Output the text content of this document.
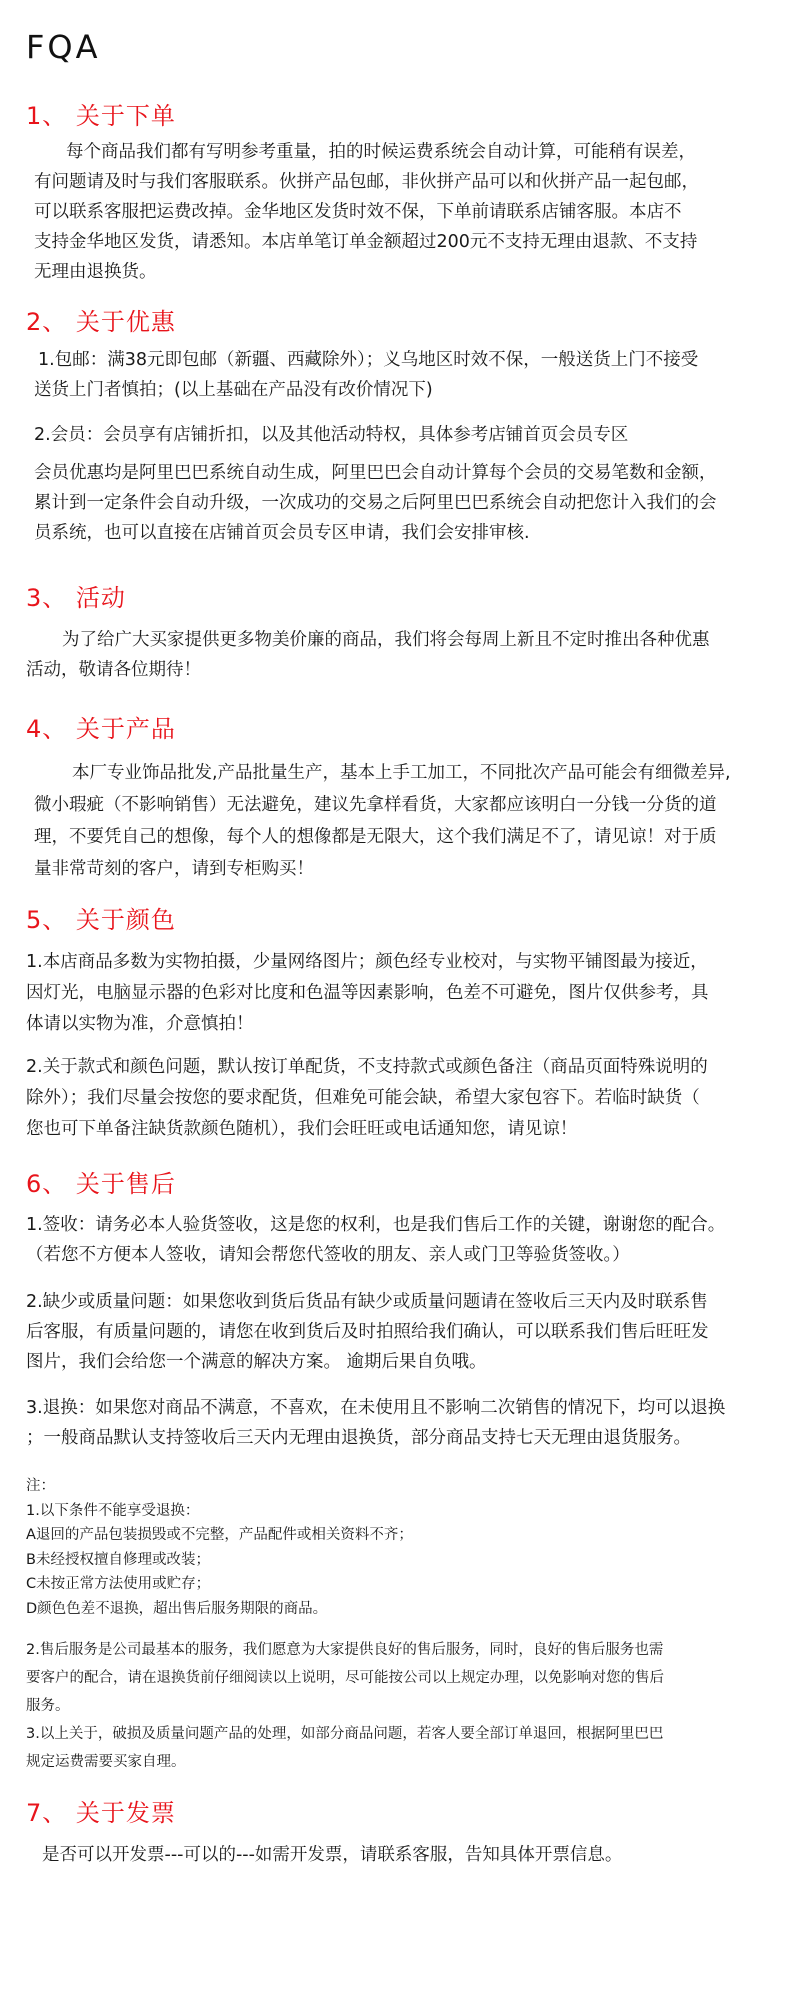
FQA
1、 关于下单
每个商品我们都有写明参考重量，拍的时候运费系统会自动计算，可能稍有误差，
有问题请及时与我们客服联系。伙拼产品包邮，非伙拼产品可以和伙拼产品一起包邮，
可以联系客服把运费改掉。金华地区发货时效不保，下单前请联系店铺客服。本店不
支持金华地区发货，请悉知。本店单笔订单金额超过200元不支持无理由退款、不支持
无理由退换货。
2、 关于优惠
1.包邮：满38元即包邮（新疆、西藏除外）；义乌地区时效不保，一般送货上门不接受
送货上门者慎拍；(以上基础在产品没有改价情况下)
2.会员：会员享有店铺折扣，以及其他活动特权，具体参考店铺首页会员专区
会员优惠均是阿里巴巴系统自动生成，阿里巴巴会自动计算每个会员的交易笔数和金额，
累计到一定条件会自动升级，一次成功的交易之后阿里巴巴系统会自动把您计入我们的会
员系统，也可以直接在店铺首页会员专区申请，我们会安排审核.
3、 活动
为了给广大买家提供更多物美价廉的商品，我们将会每周上新且不定时推出各种优惠
活动，敬请各位期待！
4、 关于产品
本厂专业饰品批发,产品批量生产，基本上手工加工，不同批次产品可能会有细微差异,
微小瑕疵（不影响销售）无法避免，建议先拿样看货，大家都应该明白一分钱一分货的道
理，不要凭自己的想像，每个人的想像都是无限大，这个我们满足不了，请见谅！对于质
量非常苛刻的客户，请到专柜购买！
5、 关于颜色
1.本店商品多数为实物拍摄，少量网络图片；颜色经专业校对，与实物平铺图最为接近，
因灯光，电脑显示器的色彩对比度和色温等因素影响，色差不可避免，图片仅供参考，具
体请以实物为准，介意慎拍！
2.关于款式和颜色问题，默认按订单配货，不支持款式或颜色备注（商品页面特殊说明的
除外）；我们尽量会按您的要求配货，但难免可能会缺，希望大家包容下。若临时缺货（
您也可下单备注缺货款颜色随机），我们会旺旺或电话通知您，请见谅！
6、 关于售后
1.签收：请务必本人验货签收，这是您的权利，也是我们售后工作的关键，谢谢您的配合。
（若您不方便本人签收，请知会帮您代签收的朋友、亲人或门卫等验货签收。）
2.缺少或质量问题：如果您收到货后货品有缺少或质量问题请在签收后三天内及时联系售
后客服，有质量问题的，请您在收到货后及时拍照给我们确认，可以联系我们售后旺旺发
图片，我们会给您一个满意的解决方案。 逾期后果自负哦。
3.退换：如果您对商品不满意，不喜欢，在未使用且不影响二次销售的情况下，均可以退换
；一般商品默认支持签收后三天内无理由退换货，部分商品支持七天无理由退货服务。
注：
1.以下条件不能享受退换：
A退回的产品包装损毁或不完整，产品配件或相关资料不齐；
B未经授权擅自修理或改装；
C未按正常方法使用或贮存；
D颜色色差不退换，超出售后服务期限的商品。
2.售后服务是公司最基本的服务，我们愿意为大家提供良好的售后服务，同时，良好的售后服务也需
要客户的配合，请在退换货前仔细阅读以上说明，尽可能按公司以上规定办理，以免影响对您的售后
服务。
3.以上关于，破损及质量问题产品的处理，如部分商品问题，若客人要全部订单退回，根据阿里巴巴
规定运费需要买家自理。
7、 关于发票
是否可以开发票---可以的---如需开发票，请联系客服，告知具体开票信息。
